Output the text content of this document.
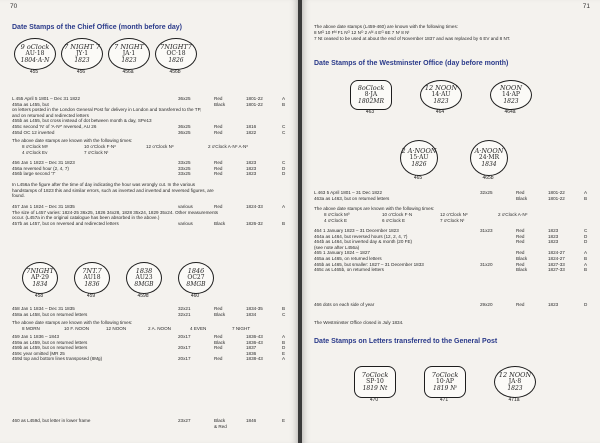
70
Date Stamps of the Chief Office (month before day)
9 oClock
AU·18
1804·A·N
455
7 NIGHT 7
JY·1
1823
456
7 NIGHT
JA·1
1823
456a
7NIGHT7
OC·18
1826
456b
L 455 April 5 1801 – Dec 31 1822	36x25	Red	1801-22	A
455a as L455, but	Black	1801-22	B
on letters posted in the London General Post for delivery in London and transferred to the TP,
and on returned and redirected letters
455b as L455, but cross instead of dot between month & day, SPe13
455c second 'N' of 'A·Nᵒ' reversed, AU 26	36x25	Red	1816	C
455d OC 12 inverted	36x25	Red	1822	C
The above date stamps are known with the following times:
8 o'Clock Mᵍ	10 o'Clock F·Nᵒ	12 o'Clock Nᵒ	2 o'Clock A·Nᵒ A·Nᵒ
4 o'Clock Ev	7 o'Clock Nᵗ
456 Jan 1 1823 – Dec 31 1823	33x25	Red	1823	C
456a reversed hour (2, 4, 7)	33x25	Red	1823	D
456b large second '7'	33x25	Red	1823	D
In L456a the figure after the time of day indicating the hour was wrongly cut. In the various
handstamps of 1823 this and similar errors, such as inverted and inverted and reversed figures, are
found.
457 Jan 1 1824 – Dec 31 1835	various	Red	1824-33	A
The size of L457 varies: 1824-25 36x25, 1826 34x28, 1828 35x24, 1829 35x24. Other measurements
occur. (L457a in the original catalogue has been absorbed in the above.)
457b as L457, but on reversed and redirected letters	various	Black	1826-32	B
7NIGHT
AP·29
1834
458
7NT.7
AU18
1836
459
1838
AU23
8MGB
459d
1846
OC27
8MGB
460
458 Jan 1 1834 – Dec 31 1835	32x21	Red	1834-35	B
458a as L458, but on returned letters	32x21	Black	1834	C
The above date stamps are known with the following times:
8 MORN	10 F. NOON	12 NOON	2 A. NOON	4 EVEN	7 NIGHT
459 Jan 1 1836 – 1843	20x17	Red	1836-43	A
459a as L459, but on returned letters	Black	1836-43	B
459b as L459, but on returned letters	20x17	Red	1837	D
459c year omitted (MR 25	1836	E
459d top and bottom lines transposed (8Mg)	20x17	Red	1838-43	A
460 as L459d, but letter in lower frame	23x27	Black	1846	E
& Red
71
The above date stamps (L459-460) are known with the following times:
8 Mᴳ 10 Fᴺ F1 Nᴼ 12 Nᴼ 2 Aᴺ 4 Eᴳ 6E 7 Nᵗ 8 Nᵗ
7 Nt ceased to be used at about the end of November 1837 and was replaced by 6 EV and 8 NT.
Date Stamps of the Westminster Office (day before month)
8oClock
8·JA
1802MR
463
12 NOON
14·AU
1823
464
NOON
14·AP
1823
464a
2 A·NOON
15·AU
1826
465
A·NOON
24·MR
1834
465b
L 463 5 April 1801 – 31 Dec 1822	32x25	Red	1801-22	A
463a as L463, but on returned letters	Black	1801-22	B
The above date stamps are known with the following times:
8 o'Clock M⁰	10 o'Clock F·N	12 o'Clock Nᵒ	2 o'Clock A·Nᵒ
4 o'Clock E	6 o'Clock E	7 o'Clock Nᵗ
464 1 January 1823 – 31 December 1823	31x23	Red	1823	C
464a as L464, but reversed hours (12, 2, 4, 7)	Red	1823	D
464b as L464, but inverted day & month (20 FE)	Red	1823	D
(see note after L456a)
465 1 January 1824 – 1827	Red	1824-27	A
465a as L465, on returned letters	Black	1824-27	B
465b as L465, but smaller: 1827 – 31 December 1833	31x20	Red	1827-33	A
465c as L465b, on returned letters	Black	1827-33	B
466 dots on each side of year	29x20	Red	1823	D
The Westminster Office closed in July 1834.
Date Stamps on Letters transferred to the General Post
7oClock
SP·10
1819 Nt
470
7oClock
10·AP
1819 Nᵗ
471
12 NOON
JA·8
1823
471a
